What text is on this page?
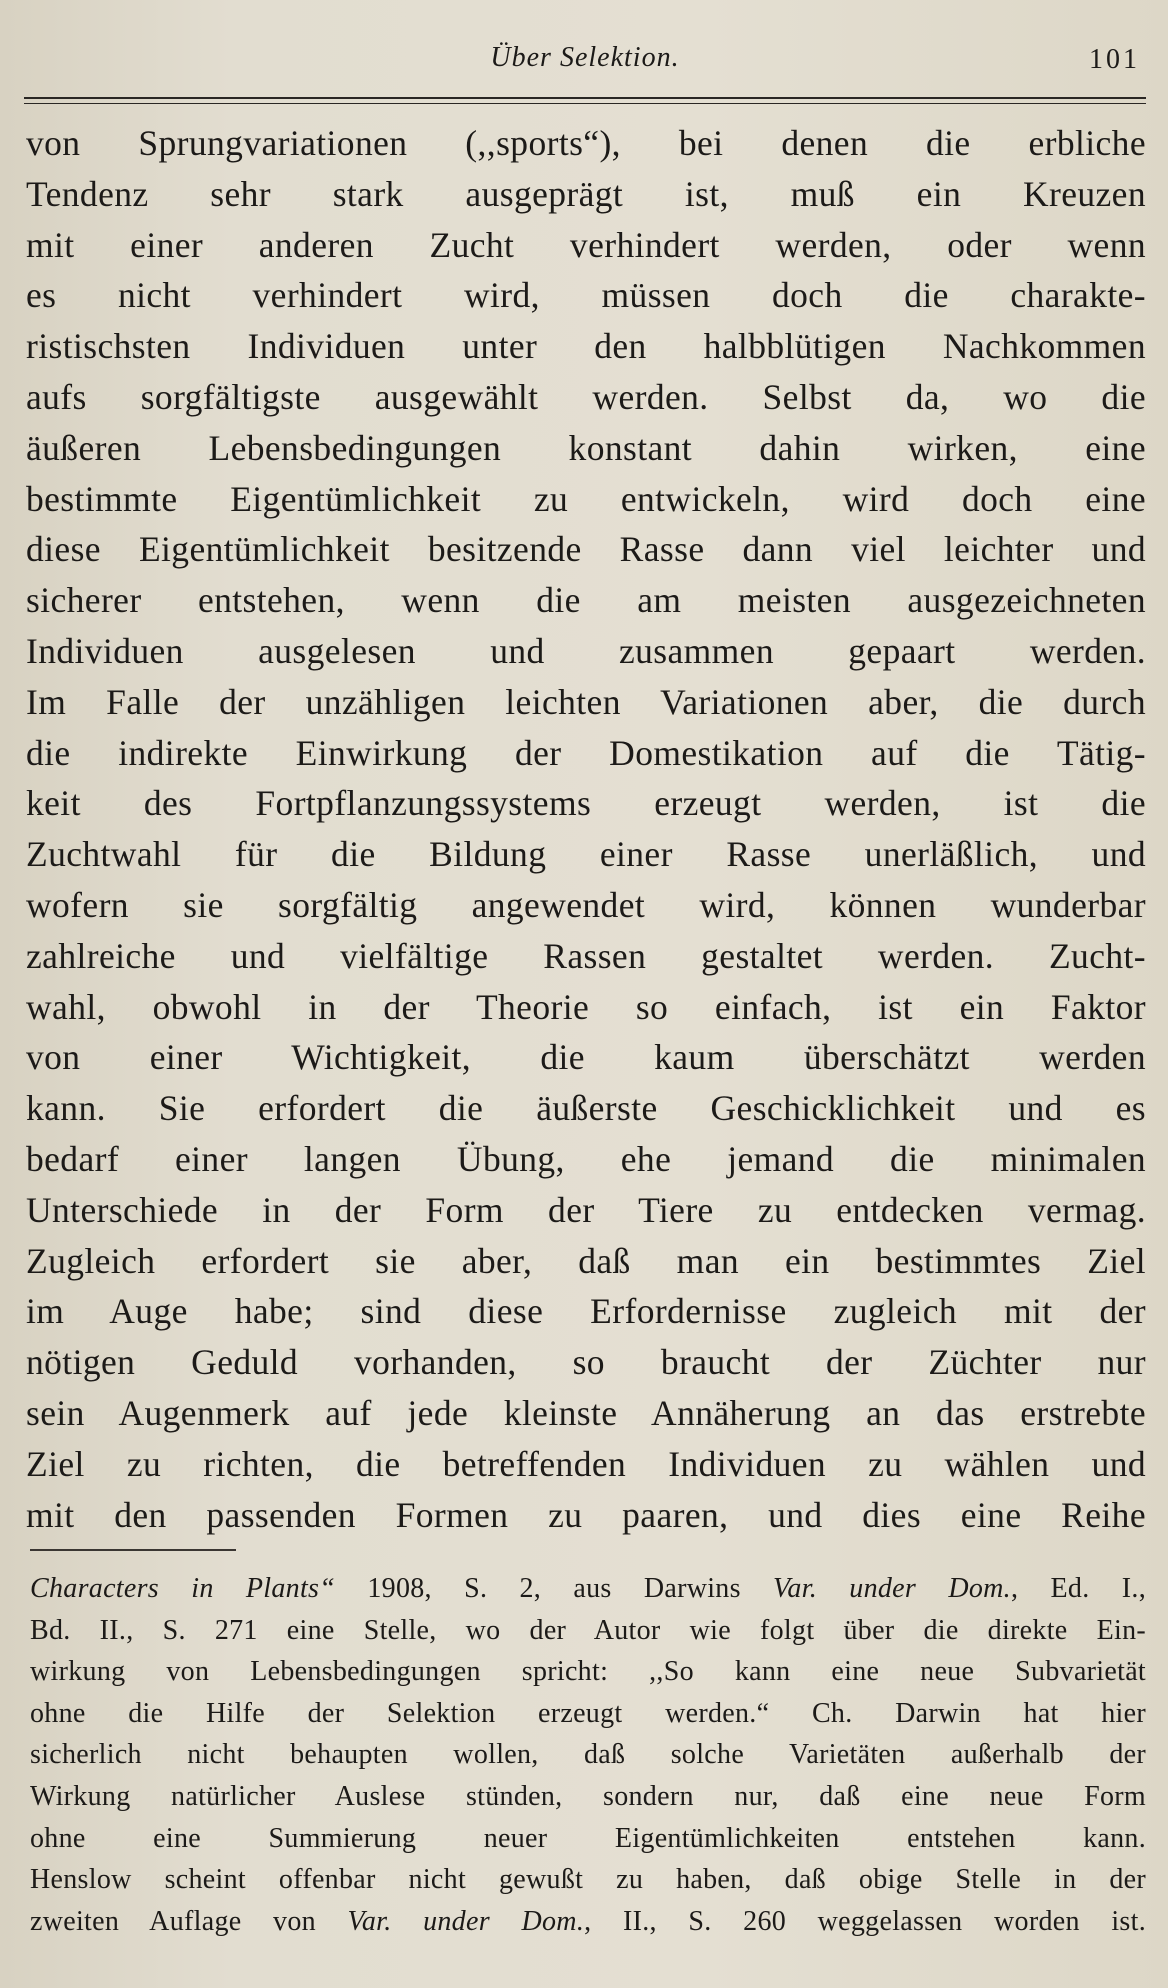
Über Selektion.	101
von Sprungvariationen (,,sports“), bei denen die erbliche
Tendenz sehr stark ausgeprägt ist, muß ein Kreuzen
mit einer anderen Zucht verhindert werden, oder wenn
es nicht verhindert wird, müssen doch die charakte-
ristischsten Individuen unter den halbblütigen Nachkommen
aufs sorgfältigste ausgewählt werden. Selbst da, wo die
äußeren Lebensbedingungen konstant dahin wirken, eine
bestimmte Eigentümlichkeit zu entwickeln, wird doch eine
diese Eigentümlichkeit besitzende Rasse dann viel leichter und
sicherer entstehen, wenn die am meisten ausgezeichneten
Individuen ausgelesen und zusammen gepaart werden.
Im Falle der unzähligen leichten Variationen aber, die durch
die indirekte Einwirkung der Domestikation auf die Tätig-
keit des Fortpflanzungssystems erzeugt werden, ist die
Zuchtwahl für die Bildung einer Rasse unerläßlich, und
wofern sie sorgfältig angewendet wird, können wunderbar
zahlreiche und vielfältige Rassen gestaltet werden. Zucht-
wahl, obwohl in der Theorie so einfach, ist ein Faktor
von einer Wichtigkeit, die kaum überschätzt werden
kann. Sie erfordert die äußerste Geschicklichkeit und es
bedarf einer langen Übung, ehe jemand die minimalen
Unterschiede in der Form der Tiere zu entdecken vermag.
Zugleich erfordert sie aber, daß man ein bestimmtes Ziel
im Auge habe; sind diese Erfordernisse zugleich mit der
nötigen Geduld vorhanden, so braucht der Züchter nur
sein Augenmerk auf jede kleinste Annäherung an das erstrebte
Ziel zu richten, die betreffenden Individuen zu wählen und
mit den passenden Formen zu paaren, und dies eine Reihe
Characters in Plants“ 1908, S. 2, aus Darwins Var. under Dom., Ed. I.,
Bd. II., S. 271 eine Stelle, wo der Autor wie folgt über die direkte Ein-
wirkung von Lebensbedingungen spricht: ,,So kann eine neue Subvarietät
ohne die Hilfe der Selektion erzeugt werden.“ Ch. Darwin hat hier
sicherlich nicht behaupten wollen, daß solche Varietäten außerhalb der
Wirkung natürlicher Auslese stünden, sondern nur, daß eine neue Form
ohne eine Summierung neuer Eigentümlichkeiten entstehen kann.
Henslow scheint offenbar nicht gewußt zu haben, daß obige Stelle in der
zweiten Auflage von Var. under Dom., II., S. 260 weggelassen worden ist.
